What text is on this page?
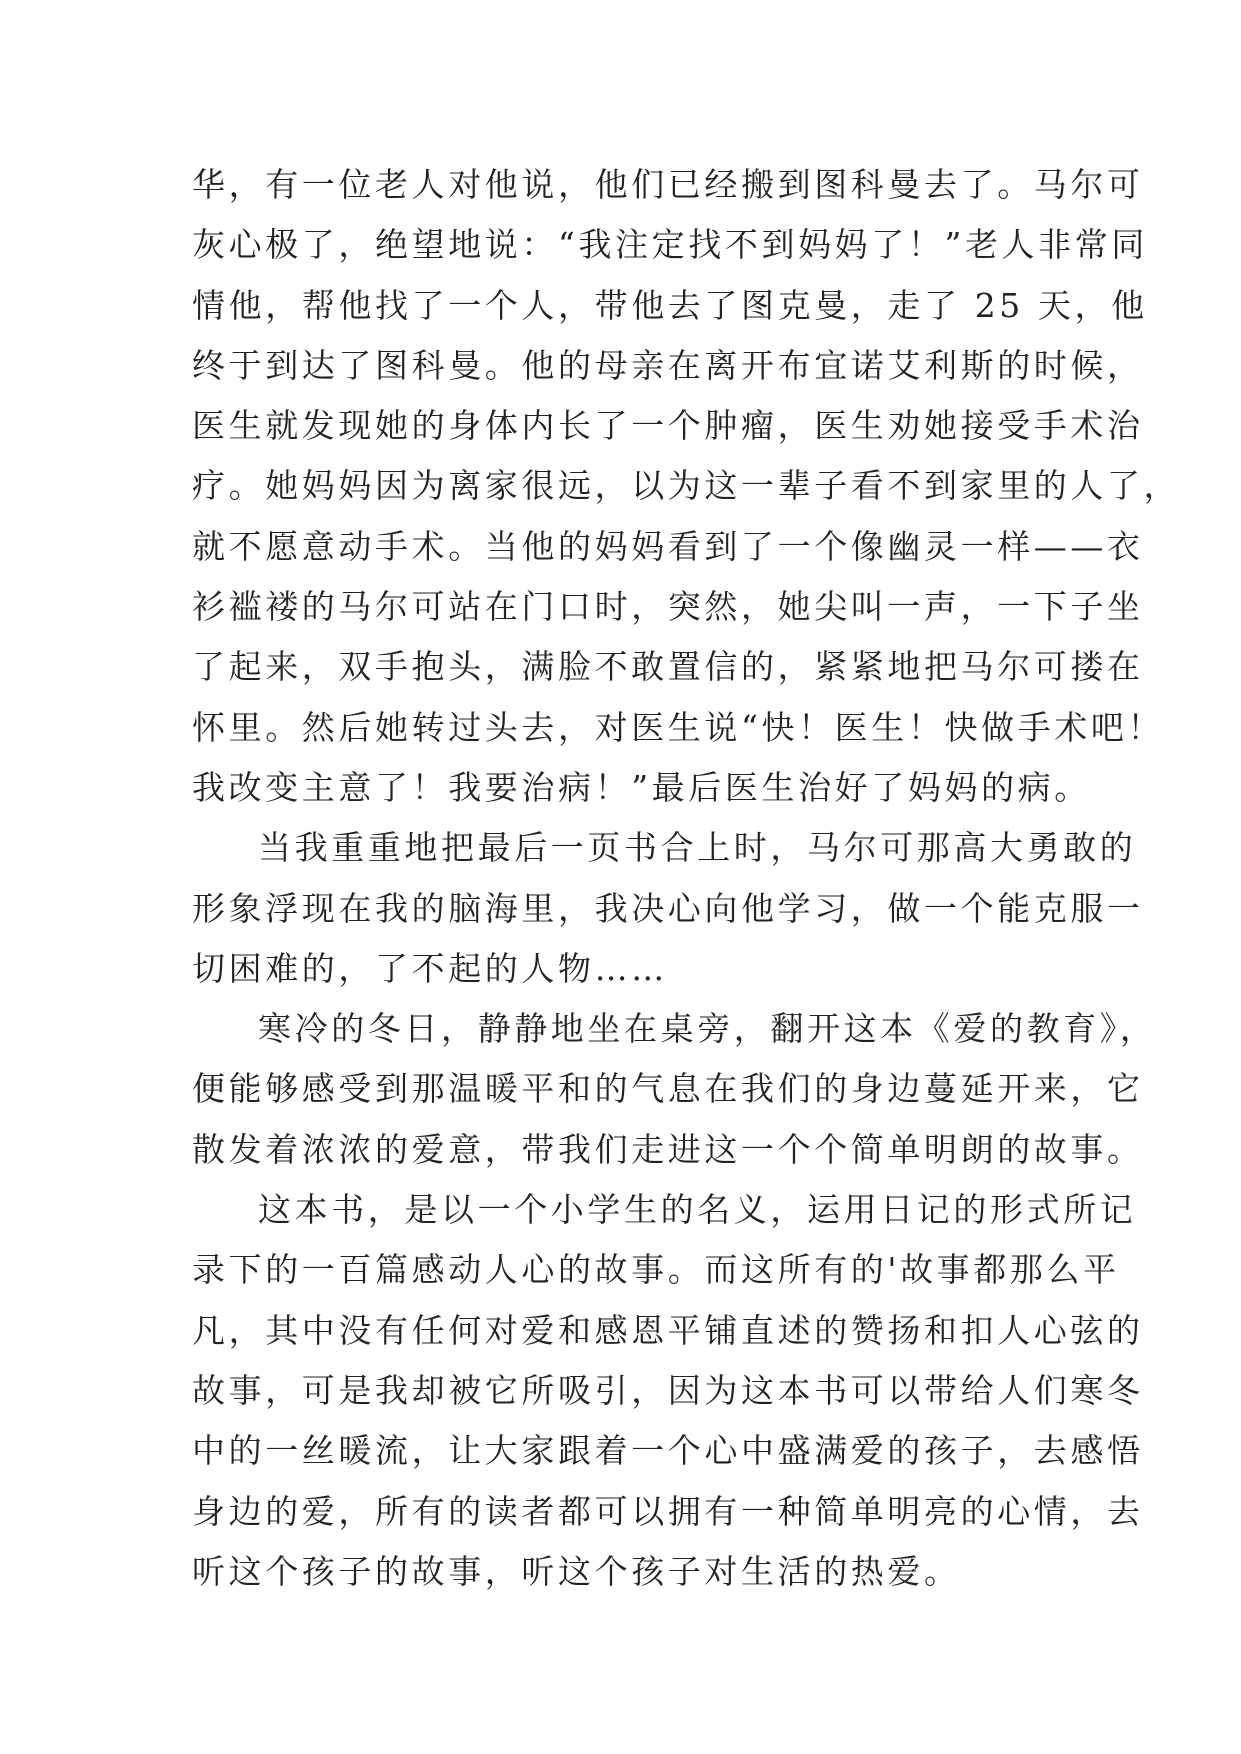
华，有一位老人对他说，他们已经搬到图科曼去了。马尔可
灰心极了，绝望地说：“我注定找不到妈妈了！”老人非常同
情他，帮他找了一个人，带他去了图克曼，走了 25 天，他
终于到达了图科曼。他的母亲在离开布宜诺艾利斯的时候，
医生就发现她的身体内长了一个肿瘤，医生劝她接受手术治
疗。她妈妈因为离家很远，以为这一辈子看不到家里的人了，
就不愿意动手术。当他的妈妈看到了一个像幽灵一样——衣
衫褴褛的马尔可站在门口时，突然，她尖叫一声，一下子坐
了起来，双手抱头，满脸不敢置信的，紧紧地把马尔可搂在
怀里。然后她转过头去，对医生说“快！医生！快做手术吧！
我改变主意了！我要治病！”最后医生治好了妈妈的病。
当我重重地把最后一页书合上时，马尔可那高大勇敢的
形象浮现在我的脑海里，我决心向他学习，做一个能克服一
切困难的，了不起的人物……
寒冷的冬日，静静地坐在桌旁，翻开这本《爱的教育》，
便能够感受到那温暖平和的气息在我们的身边蔓延开来，它
散发着浓浓的爱意，带我们走进这一个个简单明朗的故事。
这本书，是以一个小学生的名义，运用日记的形式所记
录下的一百篇感动人心的故事。而这所有的'故事都那么平
凡，其中没有任何对爱和感恩平铺直述的赞扬和扣人心弦的
故事，可是我却被它所吸引，因为这本书可以带给人们寒冬
中的一丝暖流，让大家跟着一个心中盛满爱的孩子，去感悟
身边的爱，所有的读者都可以拥有一种简单明亮的心情，去
听这个孩子的故事，听这个孩子对生活的热爱。
